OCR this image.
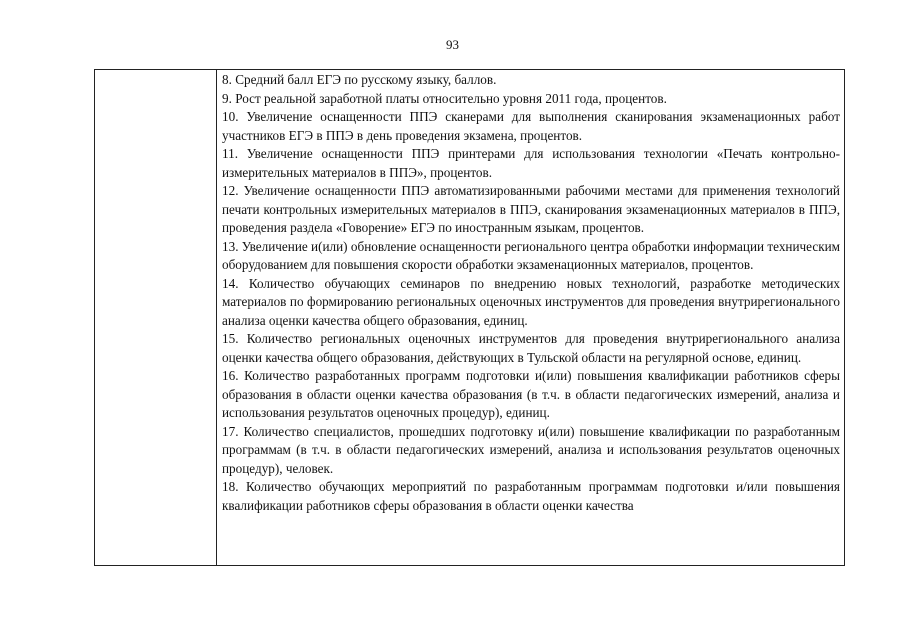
93

8. Средний балл ЕГЭ по русскому языку, баллов.

9. Рост реальной заработной платы относительно уровня 2011 года, процентов.

10. Увеличение оснащенности ППЭ сканерами для выполнения сканирования экзаменационных работ участников ЕГЭ в ППЭ в день проведения экзамена, процентов.

11. Увеличение оснащенности ППЭ принтерами для использования технологии «Печать контрольно-измерительных материалов в ППЭ», процентов.

12. Увеличение оснащенности ППЭ автоматизированными рабочими местами для применения технологий печати контрольных измерительных материалов в ППЭ, сканирования экзаменационных материалов в ППЭ, проведения раздела «Говорение» ЕГЭ по иностранным языкам, процентов.

13. Увеличение и(или) обновление оснащенности регионального центра обработки информации техническим оборудованием для повышения скорости обработки экзаменационных материалов, процентов.

14. Количество обучающих семинаров по внедрению новых технологий, разработке методических материалов по формированию региональных оценочных инструментов для проведения внутрирегионального анализа оценки качества общего образования, единиц.

15. Количество региональных оценочных инструментов для проведения внутрирегионального анализа оценки качества общего образования, действующих в Тульской области на регулярной основе, единиц.

16. Количество разработанных программ подготовки и(или) повышения квалификации работников сферы образования в области оценки качества образования (в т.ч. в области педагогических измерений, анализа и использования результатов оценочных процедур), единиц.

17. Количество специалистов, прошедших подготовку и(или) повышение квалификации по разработанным программам (в т.ч. в области педагогических измерений, анализа и использования результатов оценочных процедур), человек.

18. Количество обучающих мероприятий по разработанным программам подготовки и/или повышения квалификации работников сферы образования в области оценки качества
